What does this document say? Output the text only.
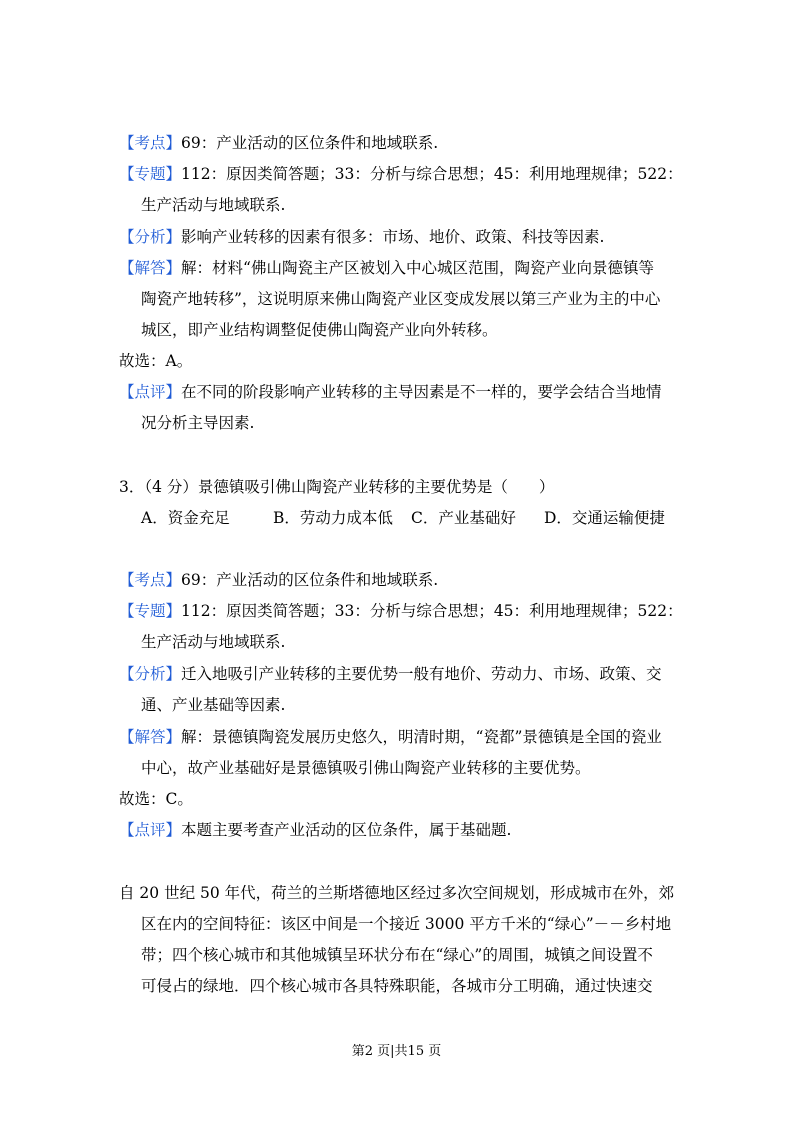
【考点】69：产业活动的区位条件和地域联系.
【专题】112：原因类简答题；33：分析与综合思想；45：利用地理规律；522：
生产活动与地域联系.
【分析】影响产业转移的因素有很多：市场、地价、政策、科技等因素.
【解答】解：材料“佛山陶瓷主产区被划入中心城区范围，陶瓷产业向景德镇等
陶瓷产地转移”，这说明原来佛山陶瓷产业区变成发展以第三产业为主的中心
城区，即产业结构调整促使佛山陶瓷产业向外转移。
故选：A。
【点评】在不同的阶段影响产业转移的主导因素是不一样的，要学会结合当地情
况分析主导因素.
3．（4 分）景德镇吸引佛山陶瓷产业转移的主要优势是（　　）
A．资金充足	B．劳动力成本低 C．产业基础好 D．交通运输便捷
【考点】69：产业活动的区位条件和地域联系.
【专题】112：原因类简答题；33：分析与综合思想；45：利用地理规律；522：
生产活动与地域联系.
【分析】迁入地吸引产业转移的主要优势一般有地价、劳动力、市场、政策、交
通、产业基础等因素.
【解答】解：景德镇陶瓷发展历史悠久，明清时期，“瓷都”景德镇是全国的瓷业
中心，故产业基础好是景德镇吸引佛山陶瓷产业转移的主要优势。
故选：C。
【点评】本题主要考查产业活动的区位条件，属于基础题.
自 20 世纪 50 年代，荷兰的兰斯塔德地区经过多次空间规划，形成城市在外，郊
区在内的空间特征：该区中间是一个接近 3000 平方千米的“绿心”－－乡村地
带；四个核心城市和其他城镇呈环状分布在“绿心”的周围，城镇之间设置不
可侵占的绿地．四个核心城市各具特殊职能，各城市分工明确，通过快速交
第2 页|共15 页
